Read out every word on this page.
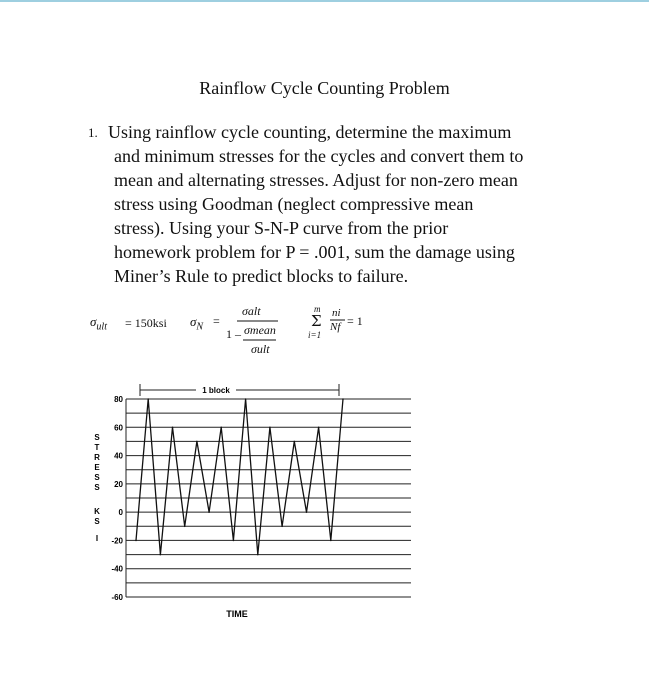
Rainflow Cycle Counting Problem
1. Using rainflow cycle counting, determine the maximum
and minimum stresses for the cycles and convert them to
mean and alternating stresses. Adjust for non-zero mean
stress using Goodman (neglect compressive mean
stress). Using your S-N-P curve from the prior
homework problem for P = .001, sum the damage using
Miner’s Rule to predict blocks to failure.
$\sigma_{ult} = 150ksi$ $\sigma_N$ =
σalt
1 – σmean
σult
m
Σ
i=1
ni
Nf = 1
80
60
40
20
0
-20
-40
-60
S
T
R
E
S
S
K
S
I
1 block
TIME
